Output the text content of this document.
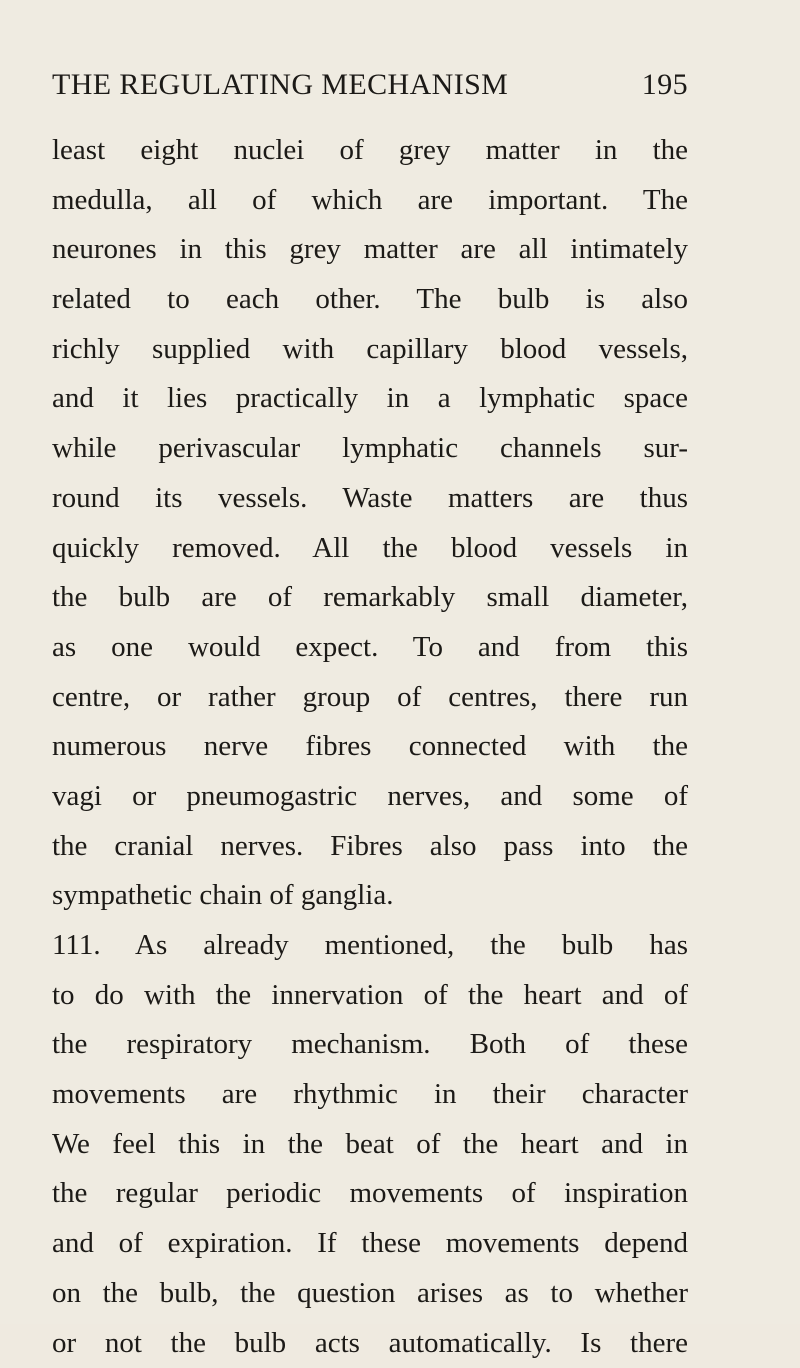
THE REGULATING MECHANISM	195
least eight nuclei of grey matter in the
medulla, all of which are important. The
neurones in this grey matter are all intimately
related to each other. The bulb is also
richly supplied with capillary blood vessels,
and it lies practically in a lymphatic space
while perivascular lymphatic channels sur-
round its vessels. Waste matters are thus
quickly removed. All the blood vessels in
the bulb are of remarkably small diameter,
as one would expect. To and from this
centre, or rather group of centres, there run
numerous nerve fibres connected with the
vagi or pneumogastric nerves, and some of
the cranial nerves. Fibres also pass into the
sympathetic chain of ganglia.
111. As already mentioned, the bulb has
to do with the innervation of the heart and of
the respiratory mechanism. Both of these
movements are rhythmic in their character
We feel this in the beat of the heart and in
the regular periodic movements of inspiration
and of expiration. If these movements depend
on the bulb, the question arises as to whether
or not the bulb acts automatically. Is there
